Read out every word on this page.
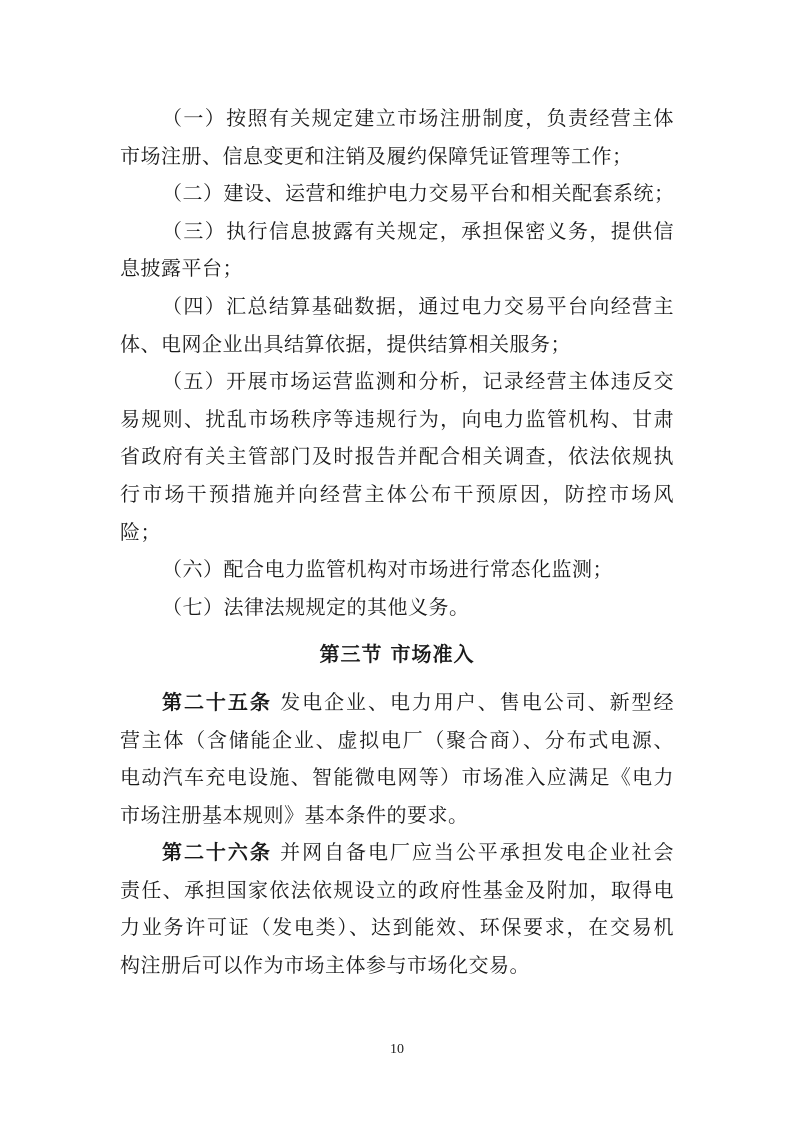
（一）按照有关规定建立市场注册制度，负责经营主体
市场注册、信息变更和注销及履约保障凭证管理等工作；
（二）建设、运营和维护电力交易平台和相关配套系统；
（三）执行信息披露有关规定，承担保密义务，提供信
息披露平台；
（四）汇总结算基础数据，通过电力交易平台向经营主
体、电网企业出具结算依据，提供结算相关服务；
（五）开展市场运营监测和分析，记录经营主体违反交
易规则、扰乱市场秩序等违规行为，向电力监管机构、甘肃
省政府有关主管部门及时报告并配合相关调查，依法依规执
行市场干预措施并向经营主体公布干预原因，防控市场风
险；
（六）配合电力监管机构对市场进行常态化监测；
（七）法律法规规定的其他义务。
第三节 市场准入
第二十五条 发电企业、电力用户、售电公司、新型经
营主体（含储能企业、虚拟电厂（聚合商）、分布式电源、
电动汽车充电设施、智能微电网等）市场准入应满足《电力
市场注册基本规则》基本条件的要求。
第二十六条 并网自备电厂应当公平承担发电企业社会
责任、承担国家依法依规设立的政府性基金及附加，取得电
力业务许可证（发电类）、达到能效、环保要求，在交易机
构注册后可以作为市场主体参与市场化交易。
10
